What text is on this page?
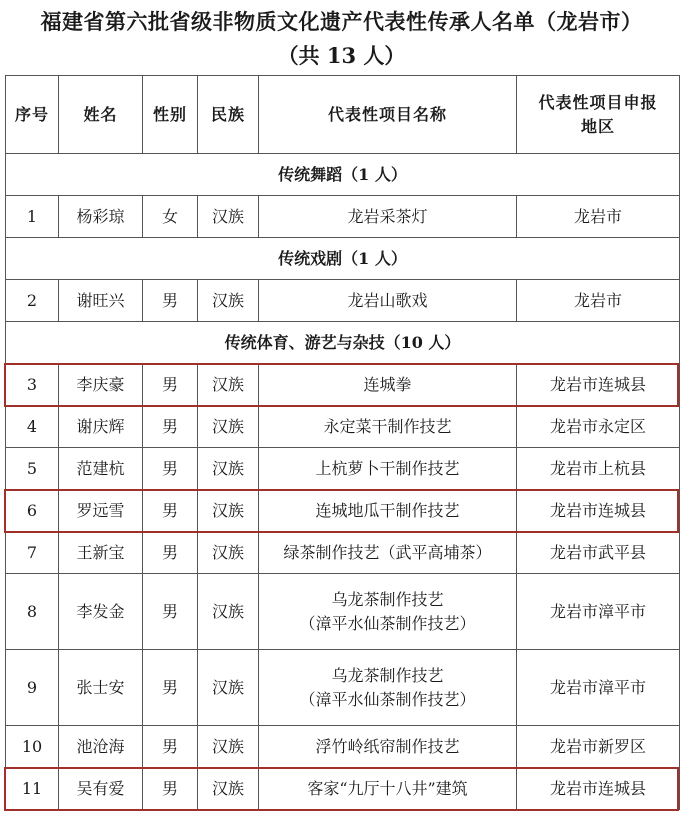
福建省第六批省级非物质文化遗产代表性传承人名单（龙岩市）
（共 13 人）
序号	姓名	性别	民族	代表性项目名称	代表性项目申报地区
传统舞蹈（1 人）					
1	杨彩琼	女	汉族	龙岩采茶灯	龙岩市
传统戏剧（1 人）					
2	谢旺兴	男	汉族	龙岩山歌戏	龙岩市
传统体育、游艺与杂技（10 人）					
3	李庆豪	男	汉族	连城拳	龙岩市连城县
4	谢庆辉	男	汉族	永定菜干制作技艺	龙岩市永定区
5	范建杭	男	汉族	上杭萝卜干制作技艺	龙岩市上杭县
6	罗远雪	男	汉族	连城地瓜干制作技艺	龙岩市连城县
7	王新宝	男	汉族	绿茶制作技艺（武平高埔茶）	龙岩市武平县
8	李发金	男	汉族	乌龙茶制作技艺
（漳平水仙茶制作技艺）	龙岩市漳平市
9	张士安	男	汉族	乌龙茶制作技艺
（漳平水仙茶制作技艺）	龙岩市漳平市
10	池沧海	男	汉族	浮竹岭纸帘制作技艺	龙岩市新罗区
11	吴有爱	男	汉族	客家“九厅十八井”建筑	龙岩市连城县
